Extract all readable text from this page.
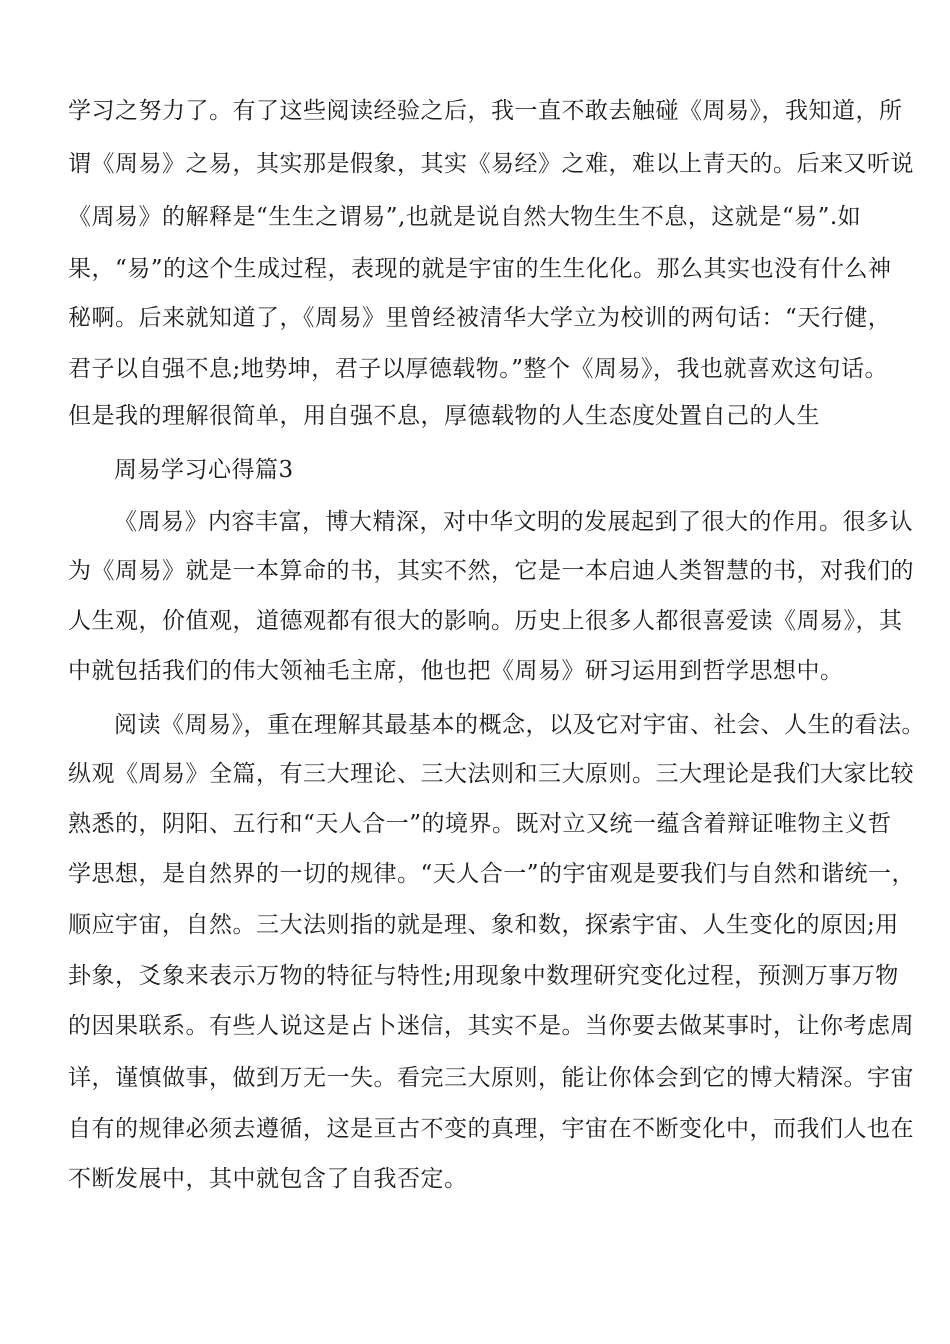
学习之努力了。有了这些阅读经验之后，我一直不敢去触碰《周易》，我知道，所
谓《周易》之易，其实那是假象，其实《易经》之难，难以上青天的。后来又听说
《周易》的解释是“生生之谓易”,也就是说自然大物生生不息，这就是“易”.如
果，“易”的这个生成过程，表现的就是宇宙的生生化化。那么其实也没有什么神
秘啊。后来就知道了，《周易》里曾经被清华大学立为校训的两句话：“天行健，
君子以自强不息;地势坤，君子以厚德载物。”整个《周易》，我也就喜欢这句话。
但是我的理解很简单，用自强不息，厚德载物的人生态度处置自己的人生
周易学习心得篇3
《周易》内容丰富，博大精深，对中华文明的发展起到了很大的作用。很多认
为《周易》就是一本算命的书，其实不然，它是一本启迪人类智慧的书，对我们的
人生观，价值观，道德观都有很大的影响。历史上很多人都很喜爱读《周易》，其
中就包括我们的伟大领袖毛主席，他也把《周易》研习运用到哲学思想中。
阅读《周易》，重在理解其最基本的概念，以及它对宇宙、社会、人生的看法。
纵观《周易》全篇，有三大理论、三大法则和三大原则。三大理论是我们大家比较
熟悉的，阴阳、五行和“天人合一”的境界。既对立又统一蕴含着辩证唯物主义哲
学思想，是自然界的一切的规律。“天人合一”的宇宙观是要我们与自然和谐统一，
顺应宇宙，自然。三大法则指的就是理、象和数，探索宇宙、人生变化的原因;用
卦象，爻象来表示万物的特征与特性;用现象中数理研究变化过程，预测万事万物
的因果联系。有些人说这是占卜迷信，其实不是。当你要去做某事时，让你考虑周
详，谨慎做事，做到万无一失。看完三大原则，能让你体会到它的博大精深。宇宙
自有的规律必须去遵循，这是亘古不变的真理，宇宙在不断变化中，而我们人也在
不断发展中，其中就包含了自我否定。
